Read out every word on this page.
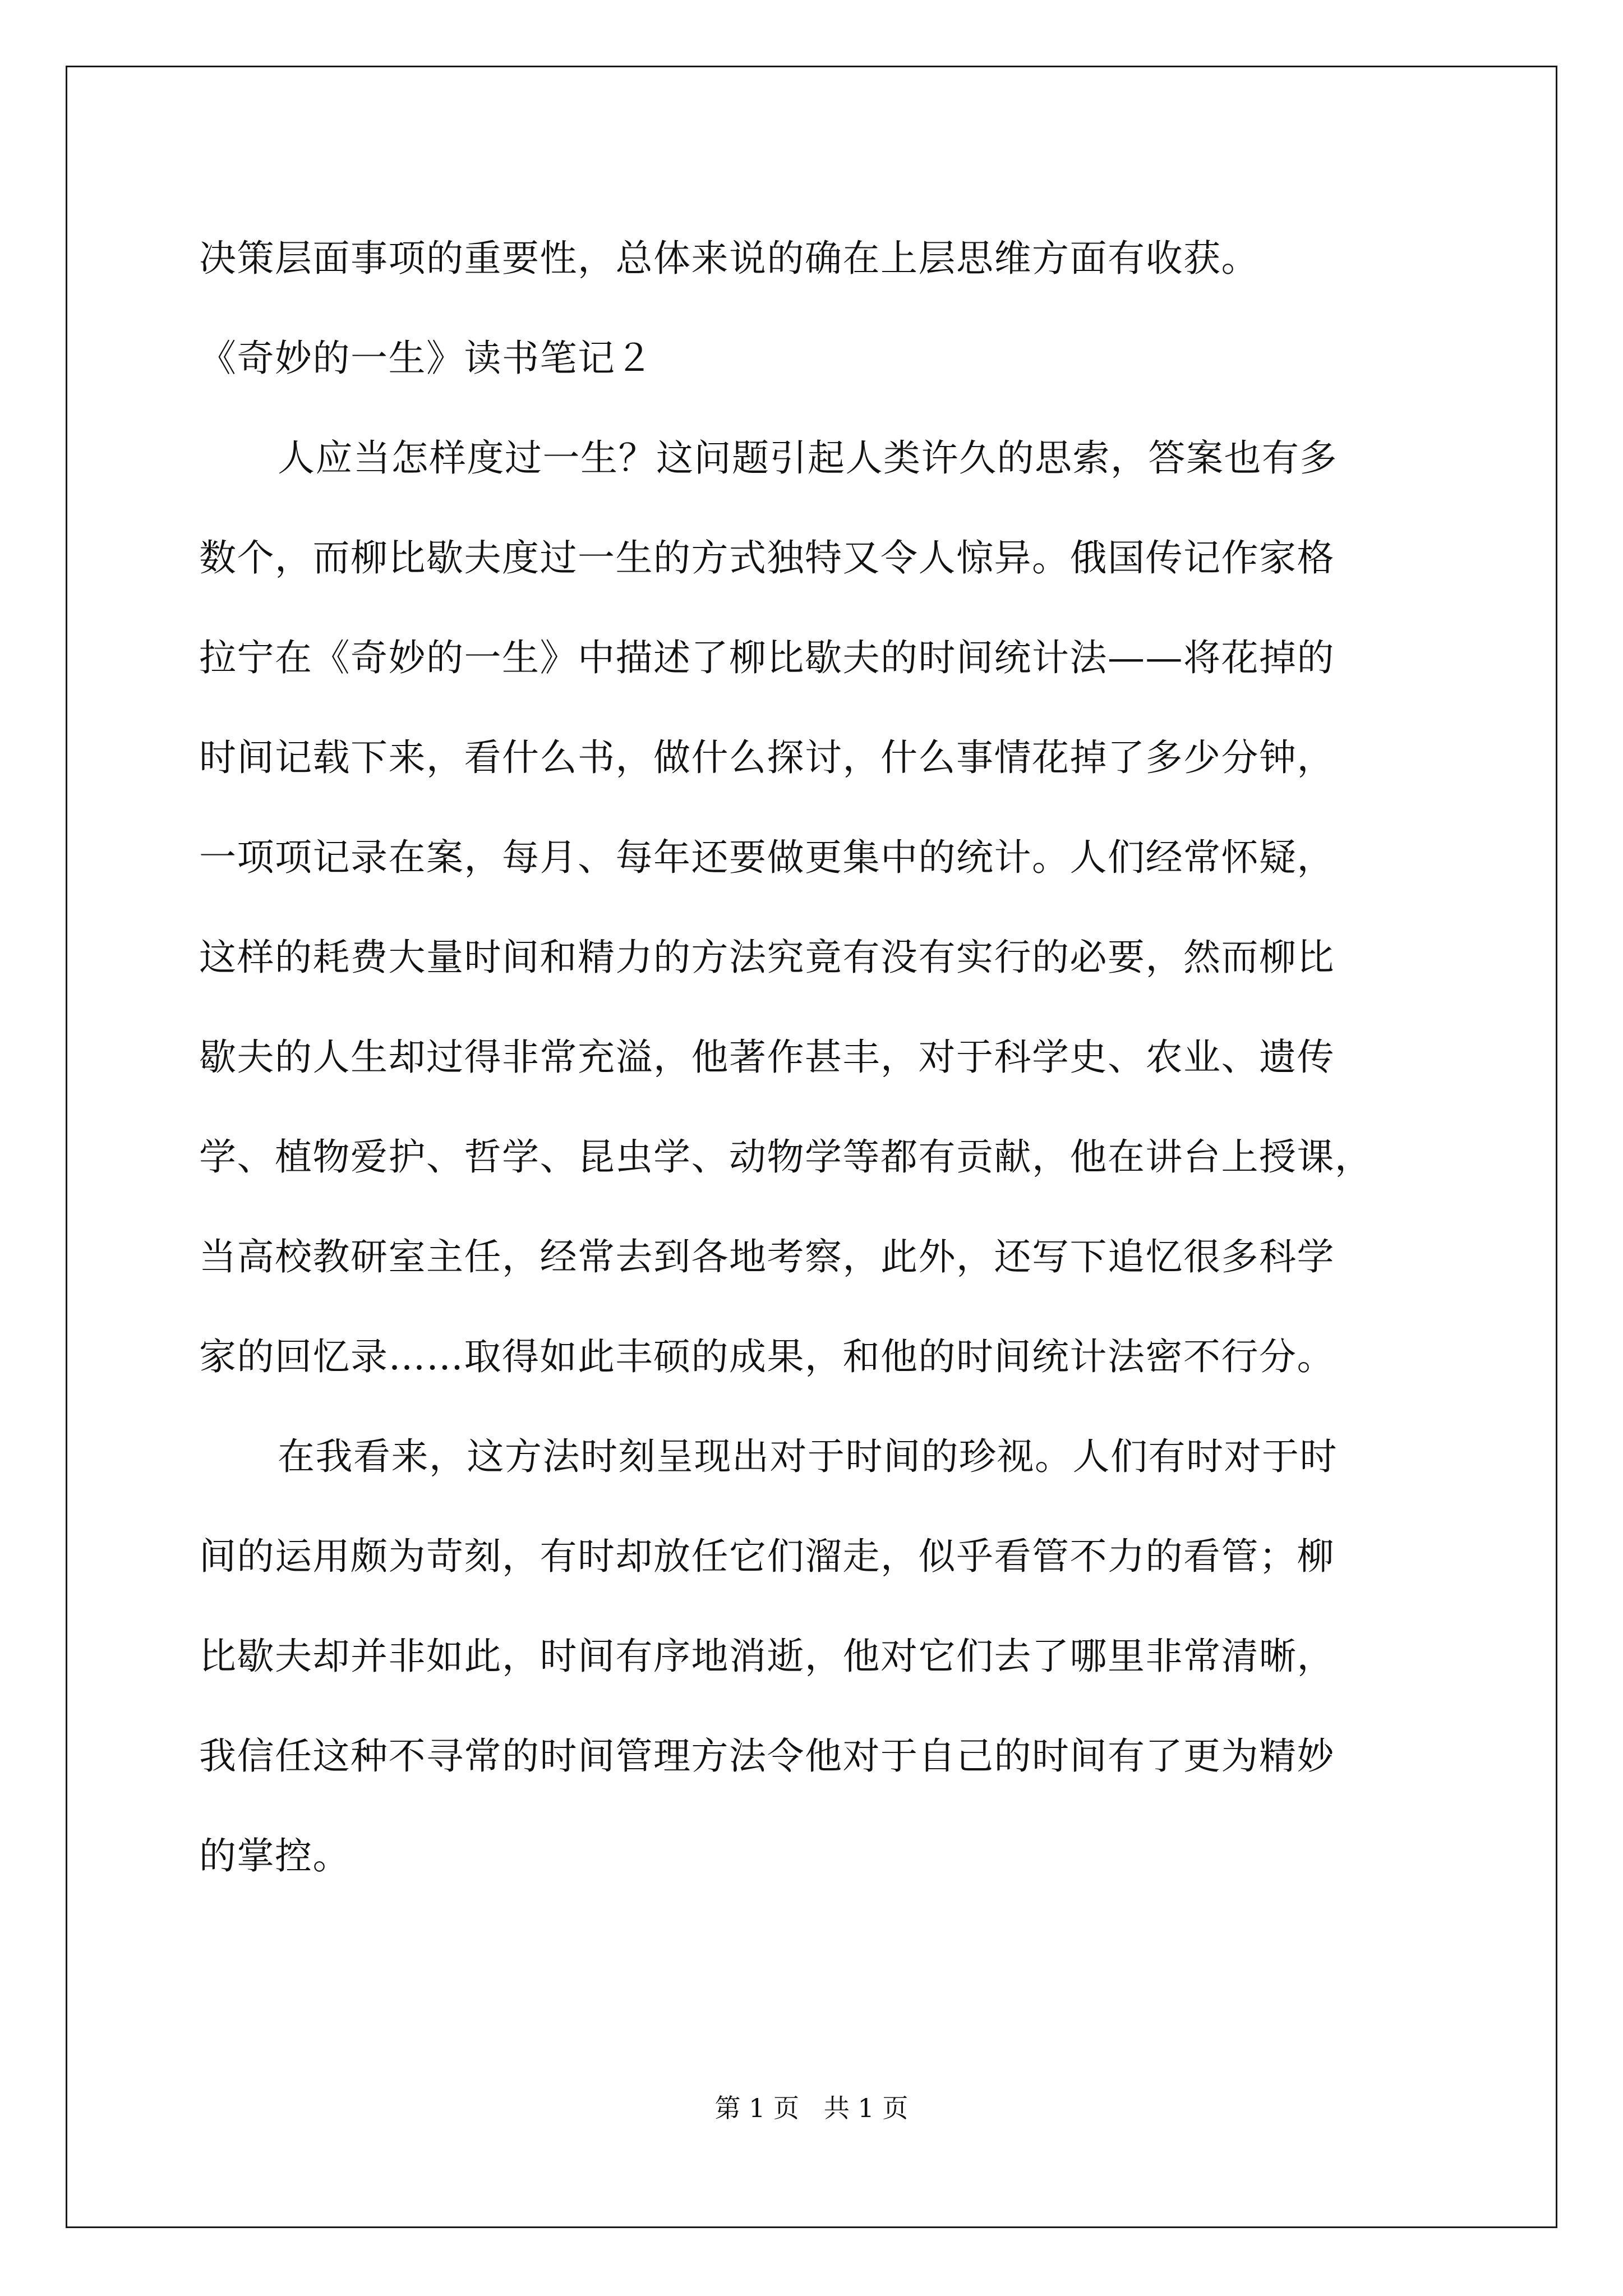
决策层面事项的重要性，总体来说的确在上层思维方面有收获。
《奇妙的一生》读书笔记２
人应当怎样度过一生？这问题引起人类许久的思索，答案也有多
数个，而柳比歇夫度过一生的方式独特又令人惊异。俄国传记作家格
拉宁在《奇妙的一生》中描述了柳比歇夫的时间统计法——将花掉的
时间记载下来，看什么书，做什么探讨，什么事情花掉了多少分钟，
一项项记录在案，每月、每年还要做更集中的统计。人们经常怀疑，
这样的耗费大量时间和精力的方法究竟有没有实行的必要，然而柳比
歇夫的人生却过得非常充溢，他著作甚丰，对于科学史、农业、遗传
学、植物爱护、哲学、昆虫学、动物学等都有贡献，他在讲台上授课，
当高校教研室主任，经常去到各地考察，此外，还写下追忆很多科学
家的回忆录……取得如此丰硕的成果，和他的时间统计法密不行分。
在我看来，这方法时刻呈现出对于时间的珍视。人们有时对于时
间的运用颇为苛刻，有时却放任它们溜走，似乎看管不力的看管；柳
比歇夫却并非如此，时间有序地消逝，他对它们去了哪里非常清晰，
我信任这种不寻常的时间管理方法令他对于自己的时间有了更为精妙
的掌控。
第 1 页   共 1 页
